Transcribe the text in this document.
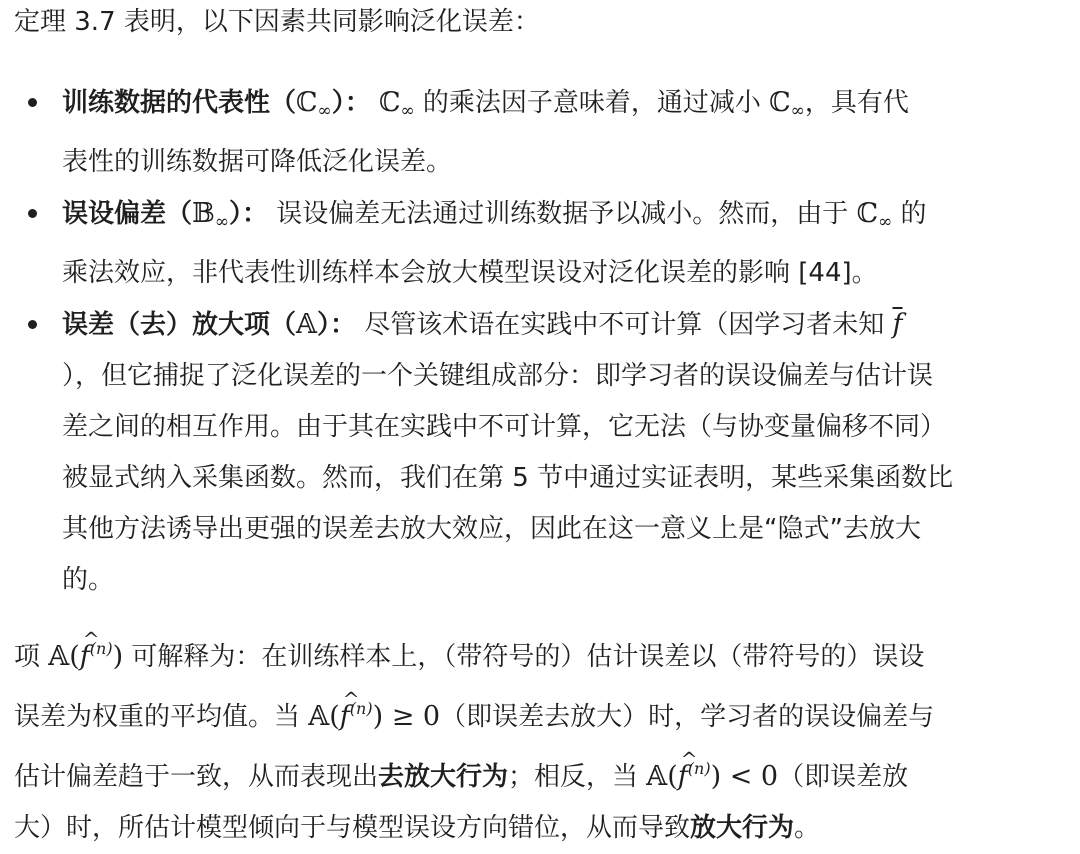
定理 3.7 表明，以下因素共同影响泛化误差：
训练数据的代表性（ℂ∞）： ℂ∞ 的乘法因子意味着，通过减小 ℂ∞，具有代
表性的训练数据可降低泛化误差。
误设偏差（𝔹∞）： 误设偏差无法通过训练数据予以减小。然而，由于 ℂ∞ 的
乘法效应，非代表性训练样本会放大模型误设对泛化误差的影响 [44]。
误差（去）放大项（𝔸）： 尽管该术语在实践中不可计算（因学习者未知 $\overline{f}$
），但它捕捉了泛化误差的一个关键组成部分：即学习者的误设偏差与估计误
差之间的相互作用。由于其在实践中不可计算，它无法（与协变量偏移不同）
被显式纳入采集函数。然而，我们在第 5 节中通过实证表明，某些采集函数比
其他方法诱导出更强的误差去放大效应，因此在这一意义上是“隐式”去放大
的。
项 𝔸(^ $f^{(n)}$) 可解释为：在训练样本上，（带符号的）估计误差以（带符号的）误设
误差为权重的平均值。当 𝔸(^ $f^{(n)}) \ge 0$（即误差去放大）时，学习者的误设偏差与
估计偏差趋于一致，从而表现出去放大行为；相反，当 𝔸(^ $f^{(n)}) < 0$（即误差放
大）时，所估计模型倾向于与模型误设方向错位，从而导致放大行为。
